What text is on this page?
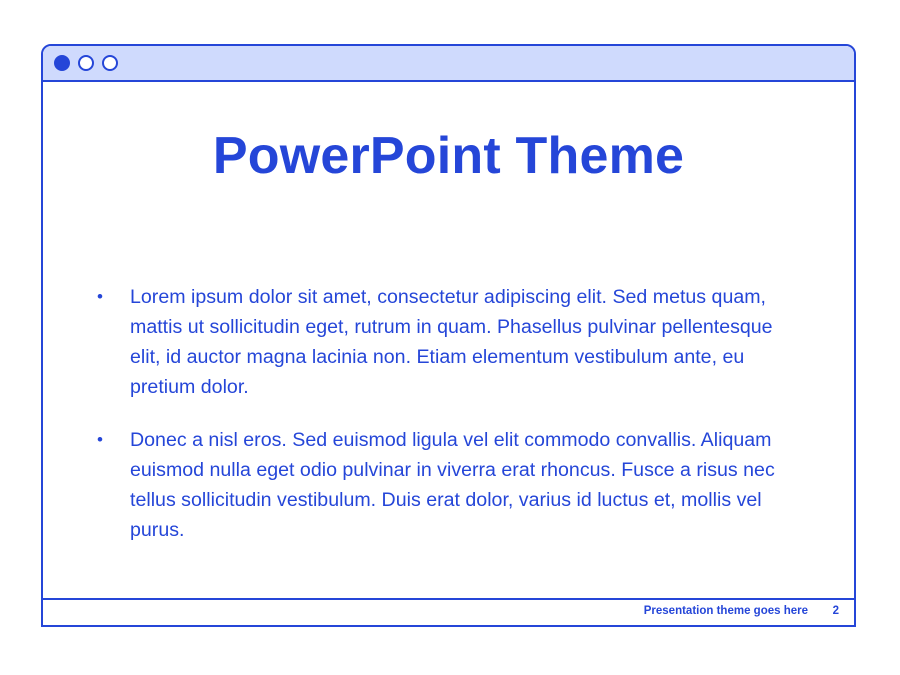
PowerPoint Theme
• Lorem ipsum dolor sit amet, consectetur adipiscing elit. Sed metus quam, mattis ut sollicitudin eget, rutrum in quam. Phasellus pulvinar pellentesque elit, id auctor magna lacinia non. Etiam elementum vestibulum ante, eu pretium dolor.
• Donec a nisl eros. Sed euismod ligula vel elit commodo convallis. Aliquam euismod nulla eget odio pulvinar in viverra erat rhoncus. Fusce a risus nec tellus sollicitudin vestibulum. Duis erat dolor, varius id luctus et, mollis vel purus.
Presentation theme goes here 2
